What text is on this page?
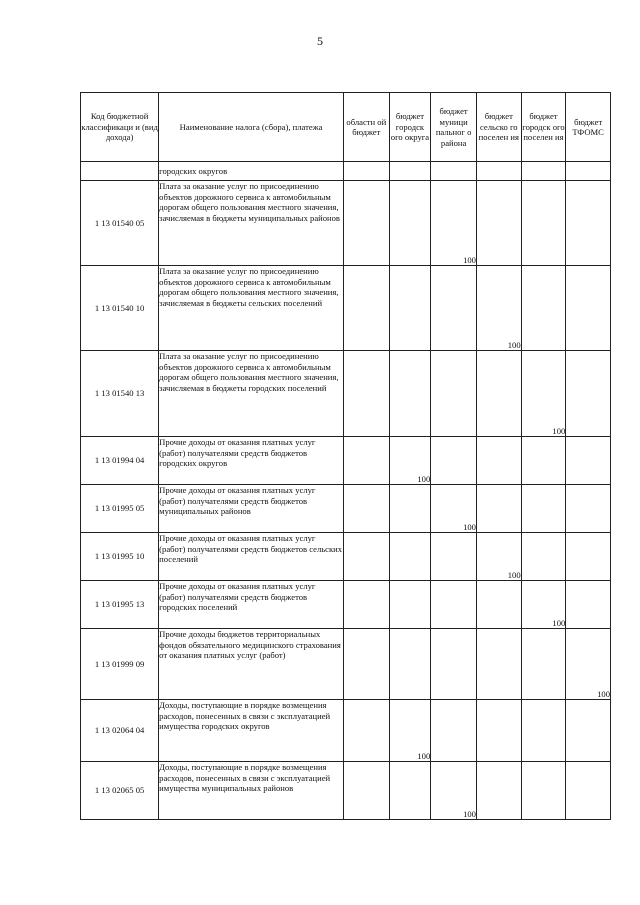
5
Код бюджетной классификаци и (вид дохода)	Наименование налога (сбора), платежа	областн ой бюджет	бюджет городск ого округа	бюджет муници пальног о района	бюджет сельско го поселен ия	бюджет городск ого поселен ия	бюджет ТФОМС
	городских округов						
1 13 01540 05	Плата за оказание услуг по присоединению объектов дорожного сервиса к автомобильным дорогам общего пользования местного значения, зачисляемая в бюджеты муниципальных районов			100			
1 13 01540 10	Плата за оказание услуг по присоединению объектов дорожного сервиса к автомобильным дорогам общего пользования местного значения, зачисляемая в бюджеты сельских поселений				100		
1 13 01540 13	Плата за оказание услуг по присоединению объектов дорожного сервиса к автомобильным дорогам общего пользования местного значения, зачисляемая в бюджеты городских поселений					100	
1 13 01994 04	Прочие доходы от оказания платных услуг (работ) получателями средств бюджетов городских округов		100				
1 13 01995 05	Прочие доходы от оказания платных услуг (работ) получателями средств бюджетов муниципальных районов			100			
1 13 01995 10	Прочие доходы от оказания платных услуг (работ) получателями средств бюджетов сельских поселений				100		
1 13 01995 13	Прочие доходы от оказания платных услуг (работ) получателями средств бюджетов городских поселений					100	
1 13 01999 09	Прочие доходы бюджетов территориальных фондов обязательного медицинского страхования от оказания платных услуг (работ)						100
1 13 02064 04	Доходы, поступающие в порядке возмещения расходов, понесенных в связи с эксплуатацией имущества городских округов		100				
1 13 02065 05	Доходы, поступающие в порядке возмещения расходов, понесенных в связи с эксплуатацией имущества муниципальных районов			100			
